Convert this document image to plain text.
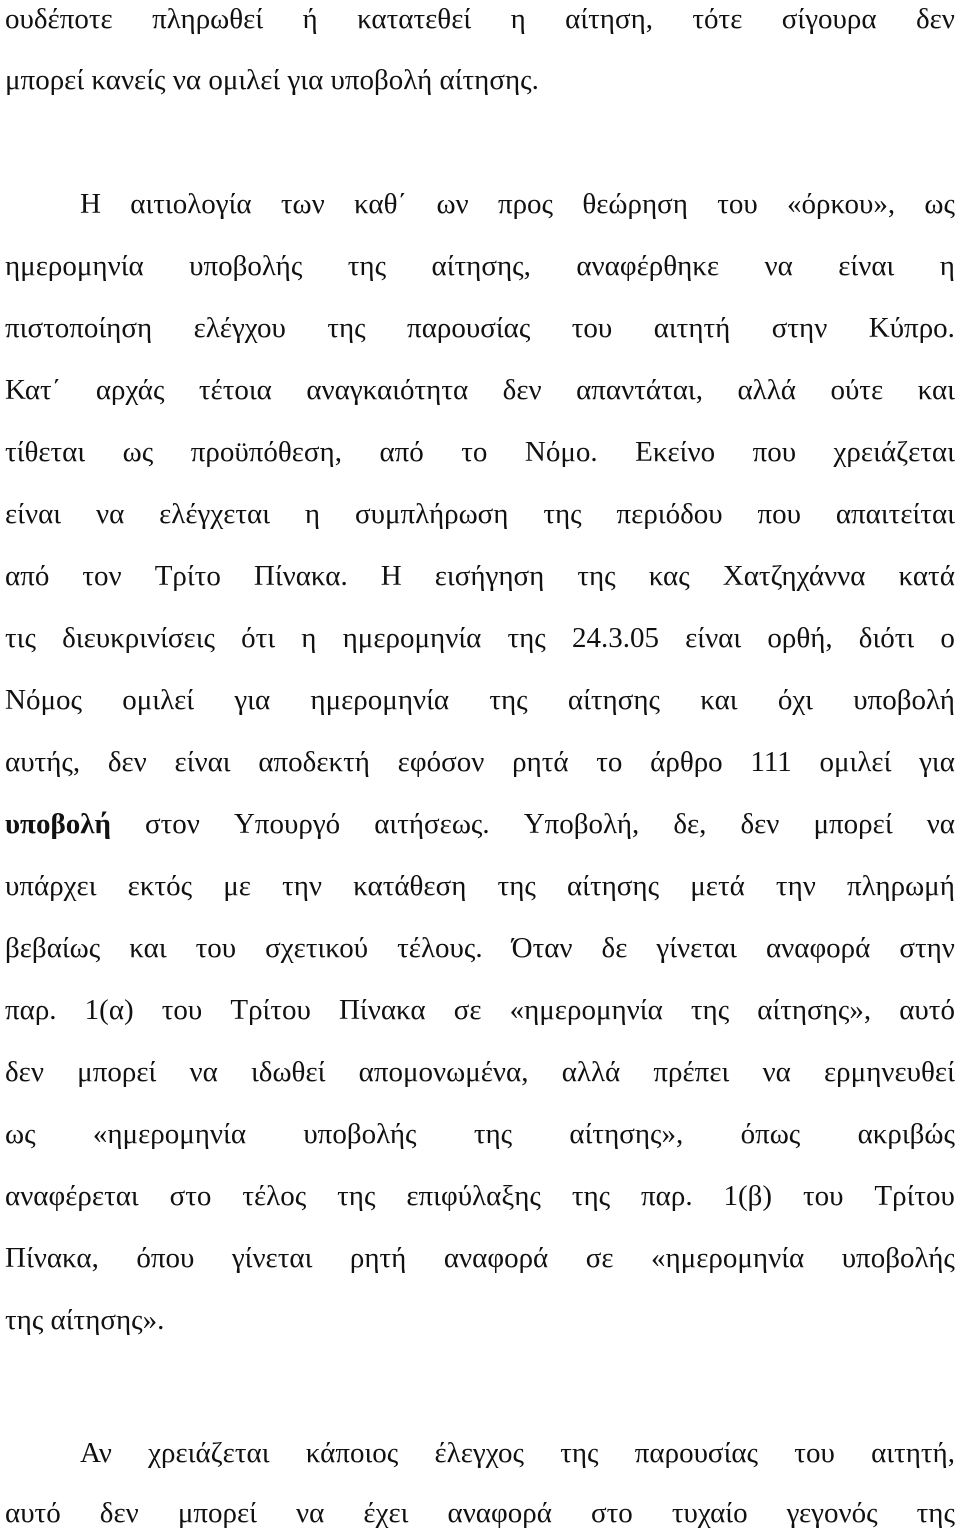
ουδέποτε πληρωθεί ή κατατεθεί η αίτηση, τότε σίγουρα δεν
μπορεί κανείς να ομιλεί για υποβολή αίτησης.
Η αιτιολογία των καθ΄ ων προς θεώρηση του «όρκου», ως
ημερομηνία υποβολής της αίτησης, αναφέρθηκε να είναι η
πιστοποίηση ελέγχου της παρουσίας του αιτητή στην Κύπρο.
Κατ΄ αρχάς τέτοια αναγκαιότητα δεν απαντάται, αλλά ούτε και
τίθεται ως προϋπόθεση, από το Νόμο. Εκείνο που χρειάζεται
είναι να ελέγχεται η συμπλήρωση της περιόδου που απαιτείται
από τον Τρίτο Πίνακα. Η εισήγηση της κας Χατζηχάννα κατά
τις διευκρινίσεις ότι η ημερομηνία της 24.3.05 είναι ορθή, διότι ο
Νόμος ομιλεί για ημερομηνία της αίτησης και όχι υποβολή
αυτής, δεν είναι αποδεκτή εφόσον ρητά το άρθρο 111 ομιλεί για
υποβολή στον Υπουργό αιτήσεως. Υποβολή, δε, δεν μπορεί να
υπάρχει εκτός με την κατάθεση της αίτησης μετά την πληρωμή
βεβαίως και του σχετικού τέλους. Όταν δε γίνεται αναφορά στην
παρ. 1(α) του Τρίτου Πίνακα σε «ημερομηνία της αίτησης», αυτό
δεν μπορεί να ιδωθεί απομονωμένα, αλλά πρέπει να ερμηνευθεί
ως «ημερομηνία υποβολής της αίτησης», όπως ακριβώς
αναφέρεται στο τέλος της επιφύλαξης της παρ. 1(β) του Τρίτου
Πίνακα, όπου γίνεται ρητή αναφορά σε «ημερομηνία υποβολής
της αίτησης».
Αν χρειάζεται κάποιος έλεγχος της παρουσίας του αιτητή,
αυτό δεν μπορεί να έχει αναφορά στο τυχαίο γεγονός της
